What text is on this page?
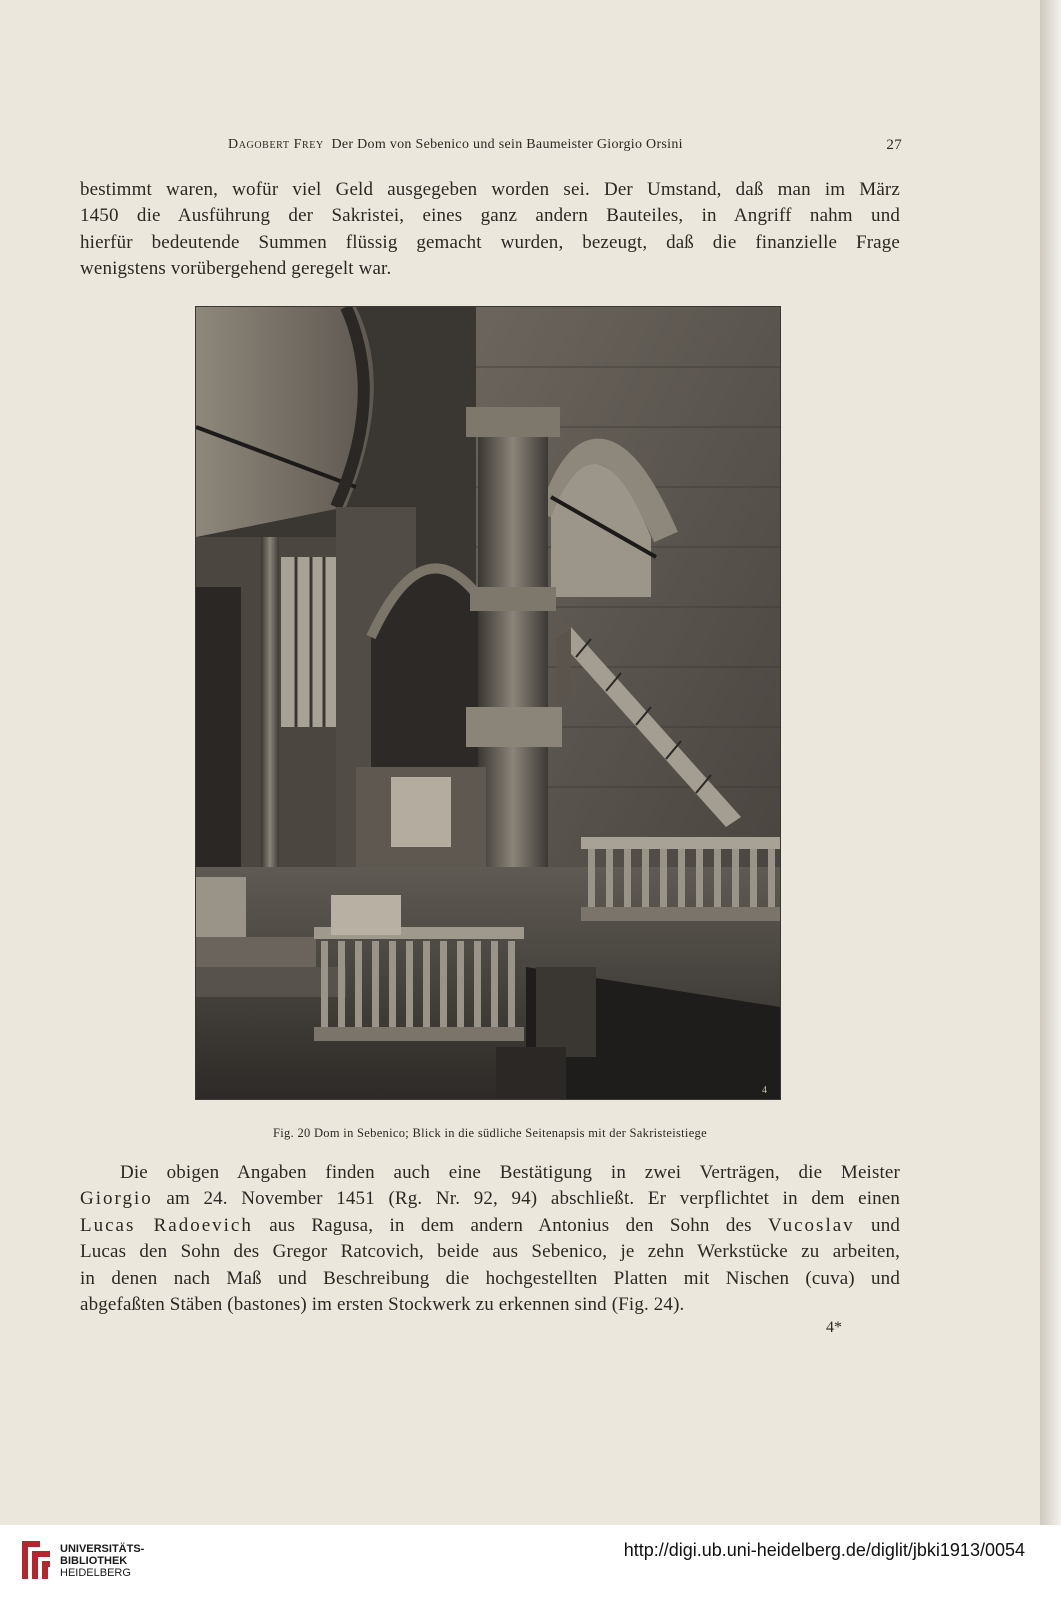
Dagobert Frey Der Dom von Sebenico und sein Baumeister Giorgio Orsini	27
bestimmt waren, wofür viel Geld ausgegeben worden sei. Der Umstand, daß man im März
1450 die Ausführung der Sakristei, eines ganz andern Bauteiles, in Angriff nahm und
hierfür bedeutende Summen flüssig gemacht wurden, bezeugt, daß die finanzielle Frage
wenigstens vorübergehend geregelt war.
4
Fig. 20 Dom in Sebenico; Blick in die südliche Seitenapsis mit der Sakristeistiege
Die obigen Angaben finden auch eine Bestätigung in zwei Verträgen, die Meister
Giorgio am 24. November 1451 (Rg. Nr. 92, 94) abschließt. Er verpflichtet in dem einen
Lucas Radoevich aus Ragusa, in dem andern Antonius den Sohn des Vucoslav und
Lucas den Sohn des Gregor Ratcovich, beide aus Sebenico, je zehn Werkstücke zu arbeiten,
in denen nach Maß und Beschreibung die hochgestellten Platten mit Nischen (cuva) und
abgefaßten Stäben (bastones) im ersten Stockwerk zu erkennen sind (Fig. 24).
4*
UNIVERSITÄTS-
BIBLIOTHEK
HEIDELBERG
http://digi.ub.uni-heidelberg.de/diglit/jbki1913/0054
